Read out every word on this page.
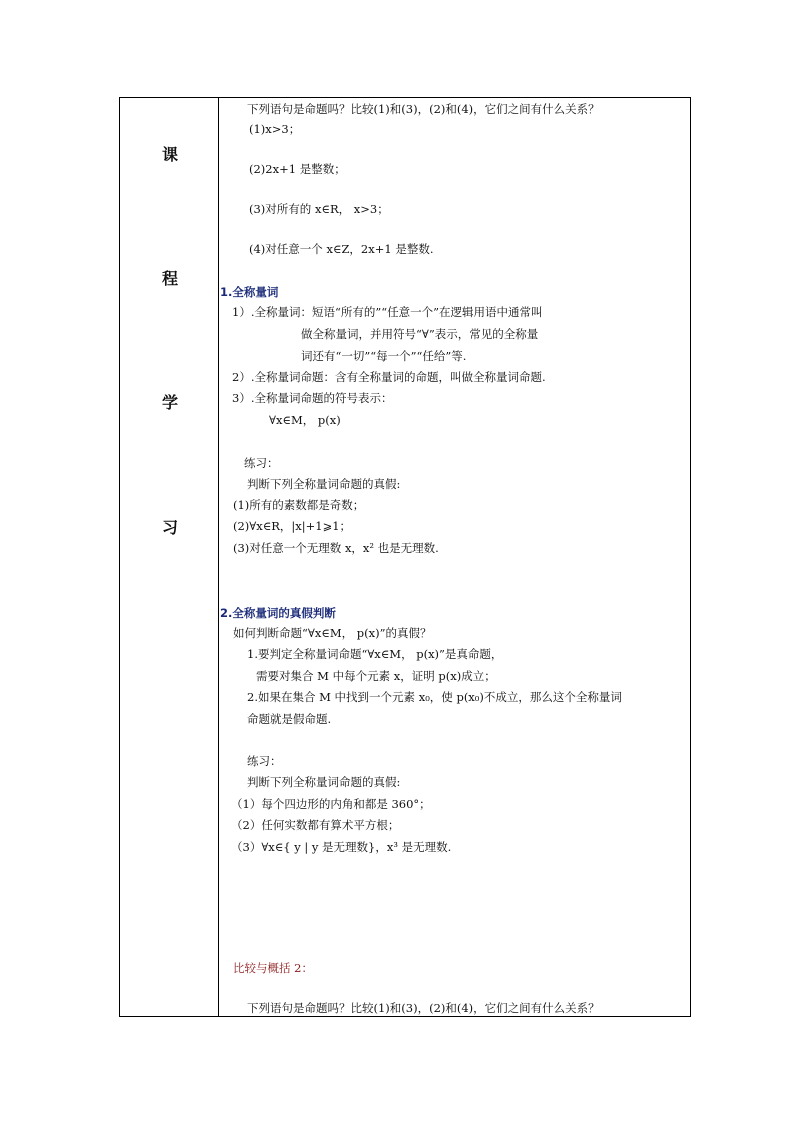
课
程
学
习
下列语句是命题吗？比较(1)和(3)，(2)和(4)，它们之间有什么关系？
(1)x>3；
(2)2x+1 是整数；
(3)对所有的 x∈R， x>3；
(4)对任意一个 x∈Z，2x+1 是整数.
1.全称量词
1）.全称量词：短语“所有的”“任意一个”在逻辑用语中通常叫
做全称量词，并用符号“∀”表示，常见的全称量
词还有“一切”“每一个”“任给”等.
2）.全称量词命题：含有全称量词的命题，叫做全称量词命题.
3）.全称量词命题的符号表示：
∀x∈M， p(x)
练习：
判断下列全称量词命题的真假:
(1)所有的素数都是奇数；
(2)∀x∈R，|x|+1⩾1；
(3)对任意一个无理数 x，x² 也是无理数.
2.全称量词的真假判断
如何判断命题“∀x∈M， p(x)”的真假？
1.要判定全称量词命题“∀x∈M， p(x)”是真命题，
需要对集合 M 中每个元素 x，证明 p(x)成立；
2.如果在集合 M 中找到一个元素 x₀，使 p(x₀)不成立，那么这个全称量词
命题就是假命题.
练习：
判断下列全称量词命题的真假:
（1）每个四边形的内角和都是 360°；
（2）任何实数都有算术平方根；
（3）∀x∈{ y | y 是无理数}，x³ 是无理数.
比较与概括 2：
下列语句是命题吗？比较(1)和(3)，(2)和(4)，它们之间有什么关系？
